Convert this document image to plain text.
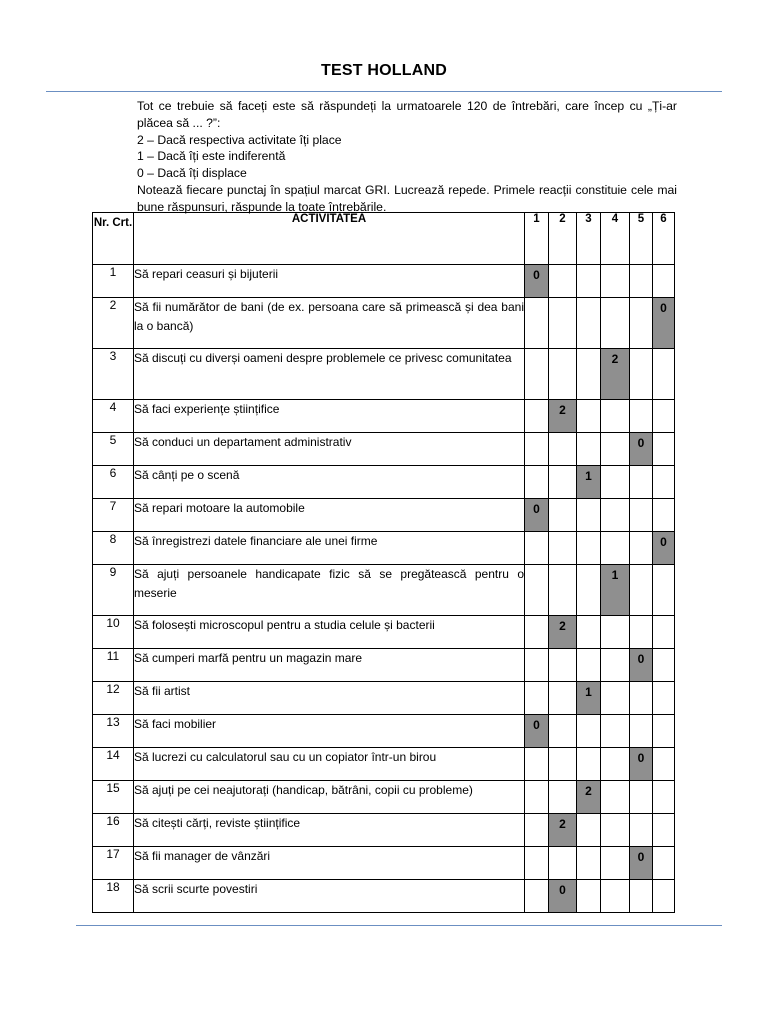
TEST HOLLAND

Tot ce trebuie să faceți este să răspundeți la urmatoarele 120 de întrebări, care încep cu „Ți-ar plăcea să ... ?”:

2 – Dacă respectiva activitate îți place

1 – Dacă îți este indiferentă

0 – Dacă îți displace

Notează fiecare punctaj în spațiul marcat GRI. Lucrează repede. Primele reacții constituie cele mai bune răspunsuri, răspunde la toate întrebările.

Nr. Crt.	ACTIVITATEA	1	2	3	4	5	6
1	Să repari ceasuri și bijuterii	0					

2	Să fii numărător de bani (de ex. persoana care să primească și dea bani la o bancă)						0

3	Să discuți cu diverși oameni despre problemele ce privesc comunitatea				2		

4	Să faci experiențe științifice		2				

5	Să conduci un departament administrativ					0	

6	Să cânți pe o scenă			1			

7	Să repari motoare la automobile	0					

8	Să înregistrezi datele financiare ale unei firme						0

9	Să ajuți persoanele handicapate fizic să se pregătească pentru o meserie				1		

10	Să folosești microscopul pentru a studia celule și bacterii		2				

11	Să cumperi marfă pentru un magazin mare					0	

12	Să fii artist			1			

13	Să faci mobilier	0					

14	Să lucrezi cu calculatorul sau cu un copiator într-un birou					0	

15	Să ajuți pe cei neajutorați (handicap, bătrâni, copii cu probleme)			2			

16	Să citești cărți, reviste științifice		2				

17	Să fii manager de vânzări					0	

18	Să scrii scurte povestiri		0				
